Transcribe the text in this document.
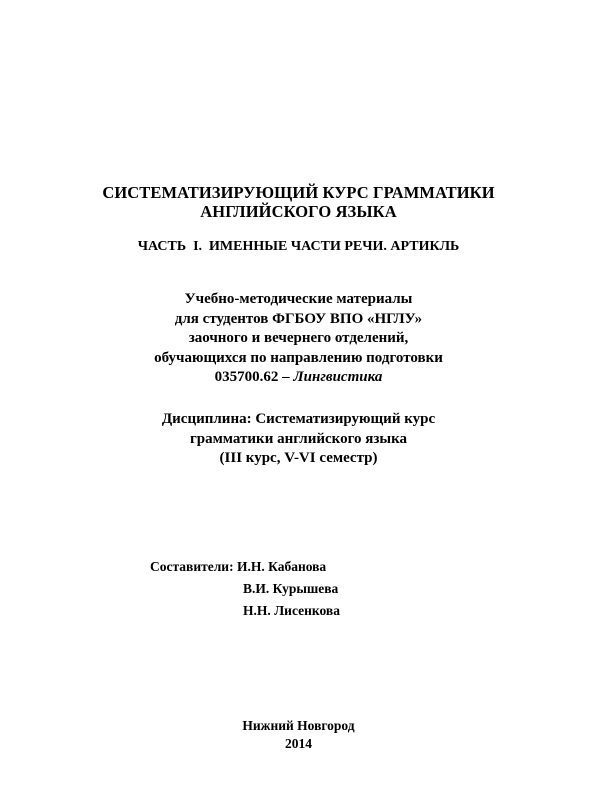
СИСТЕМАТИЗИРУЮЩИЙ КУРС ГРАММАТИКИ
АНГЛИЙСКОГО ЯЗЫКА
ЧАСТЬ  I.  ИМЕННЫЕ ЧАСТИ РЕЧИ. АРТИКЛЬ
Учебно-методические материалы
для студентов ФГБОУ ВПО «НГЛУ»
заочного и вечернего отделений,
обучающихся по направлению подготовки
035700.62 – Лингвистика
Дисциплина: Систематизирующий курс
грамматики английского языка
(III курс, V-VI семестр)
Составители: И.Н. Кабанова
В.И. Курышева
Н.Н. Лисенкова
Нижний Новгород
2014
